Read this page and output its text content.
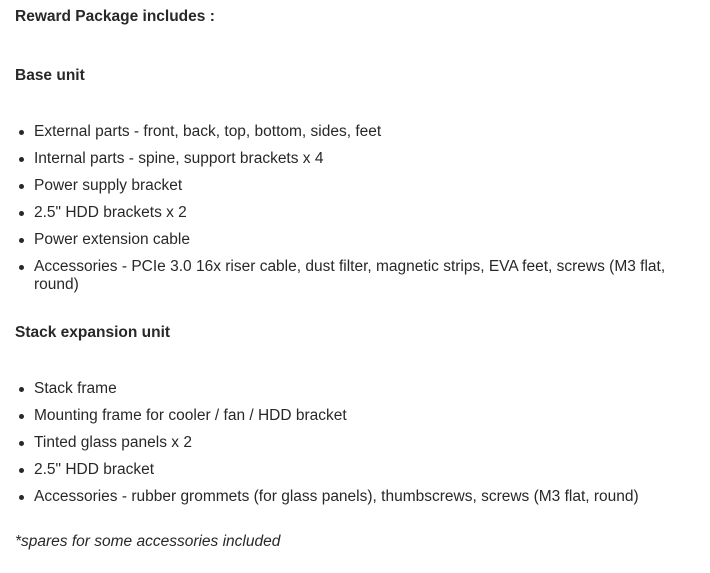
Reward Package includes :
Base unit
External parts - front, back, top, bottom, sides, feet
Internal parts - spine, support brackets x 4
Power supply bracket
2.5" HDD brackets x 2
Power extension cable
Accessories - PCIe 3.0 16x riser cable, dust filter, magnetic strips, EVA feet, screws (M3 flat, round)
Stack expansion unit
Stack frame
Mounting frame for cooler / fan / HDD bracket
Tinted glass panels x 2
2.5" HDD bracket
Accessories - rubber grommets (for glass panels), thumbscrews, screws (M3 flat, round)
*spares for some accessories included
